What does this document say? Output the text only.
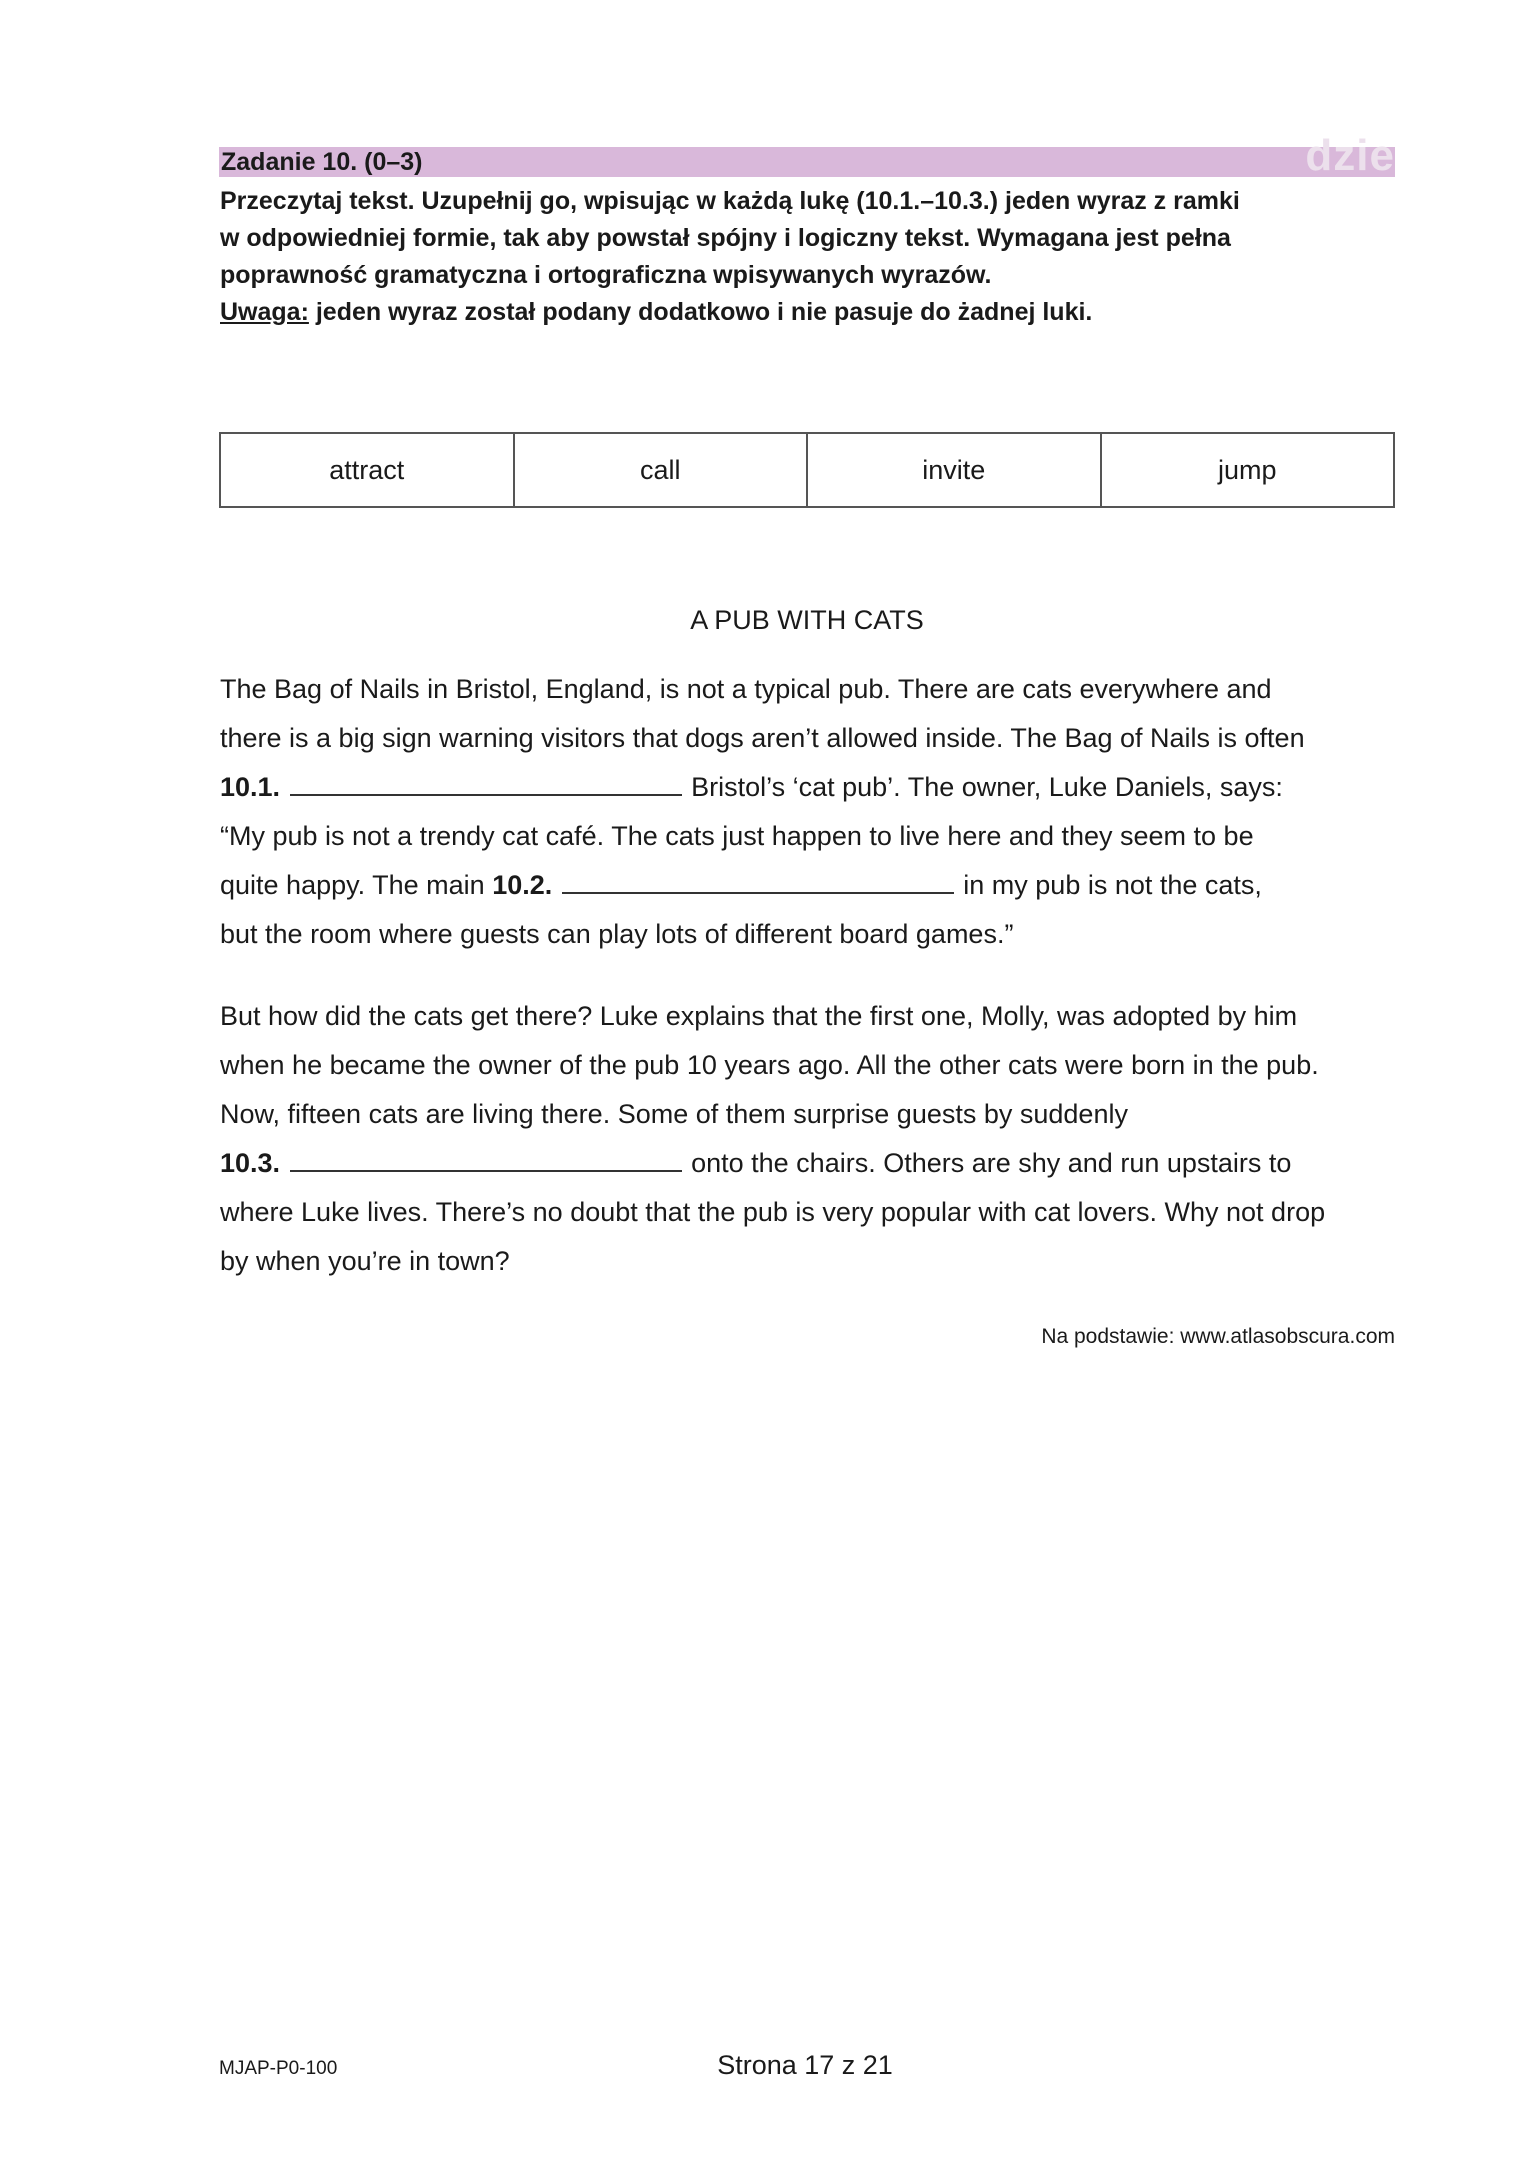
Zadanie 10. (0–3)	dzie
Przeczytaj tekst. Uzupełnij go, wpisując w każdą lukę (10.1.–10.3.) jeden wyraz z ramki
w odpowiedniej formie, tak aby powstał spójny i logiczny tekst. Wymagana jest pełna
poprawność gramatyczna i ortograficzna wpisywanych wyrazów.
Uwaga: jeden wyraz został podany dodatkowo i nie pasuje do żadnej luki.
attract	call	invite	jump
A PUB WITH CATS
The Bag of Nails in Bristol, England, is not a typical pub. There are cats everywhere and
there is a big sign warning visitors that dogs aren’t allowed inside. The Bag of Nails is often
10.1.	Bristol’s ‘cat pub’. The owner, Luke Daniels, says:
“My pub is not a trendy cat café. The cats just happen to live here and they seem to be
quite happy. The main 10.2.	in my pub is not the cats,
but the room where guests can play lots of different board games.”
But how did the cats get there? Luke explains that the first one, Molly, was adopted by him
when he became the owner of the pub 10 years ago. All the other cats were born in the pub.
Now, fifteen cats are living there. Some of them surprise guests by suddenly
10.3.	onto the chairs. Others are shy and run upstairs to
where Luke lives. There’s no doubt that the pub is very popular with cat lovers. Why not drop
by when you’re in town?
Na podstawie: www.atlasobscura.com
MJAP-P0-100	Strona 17 z 21
